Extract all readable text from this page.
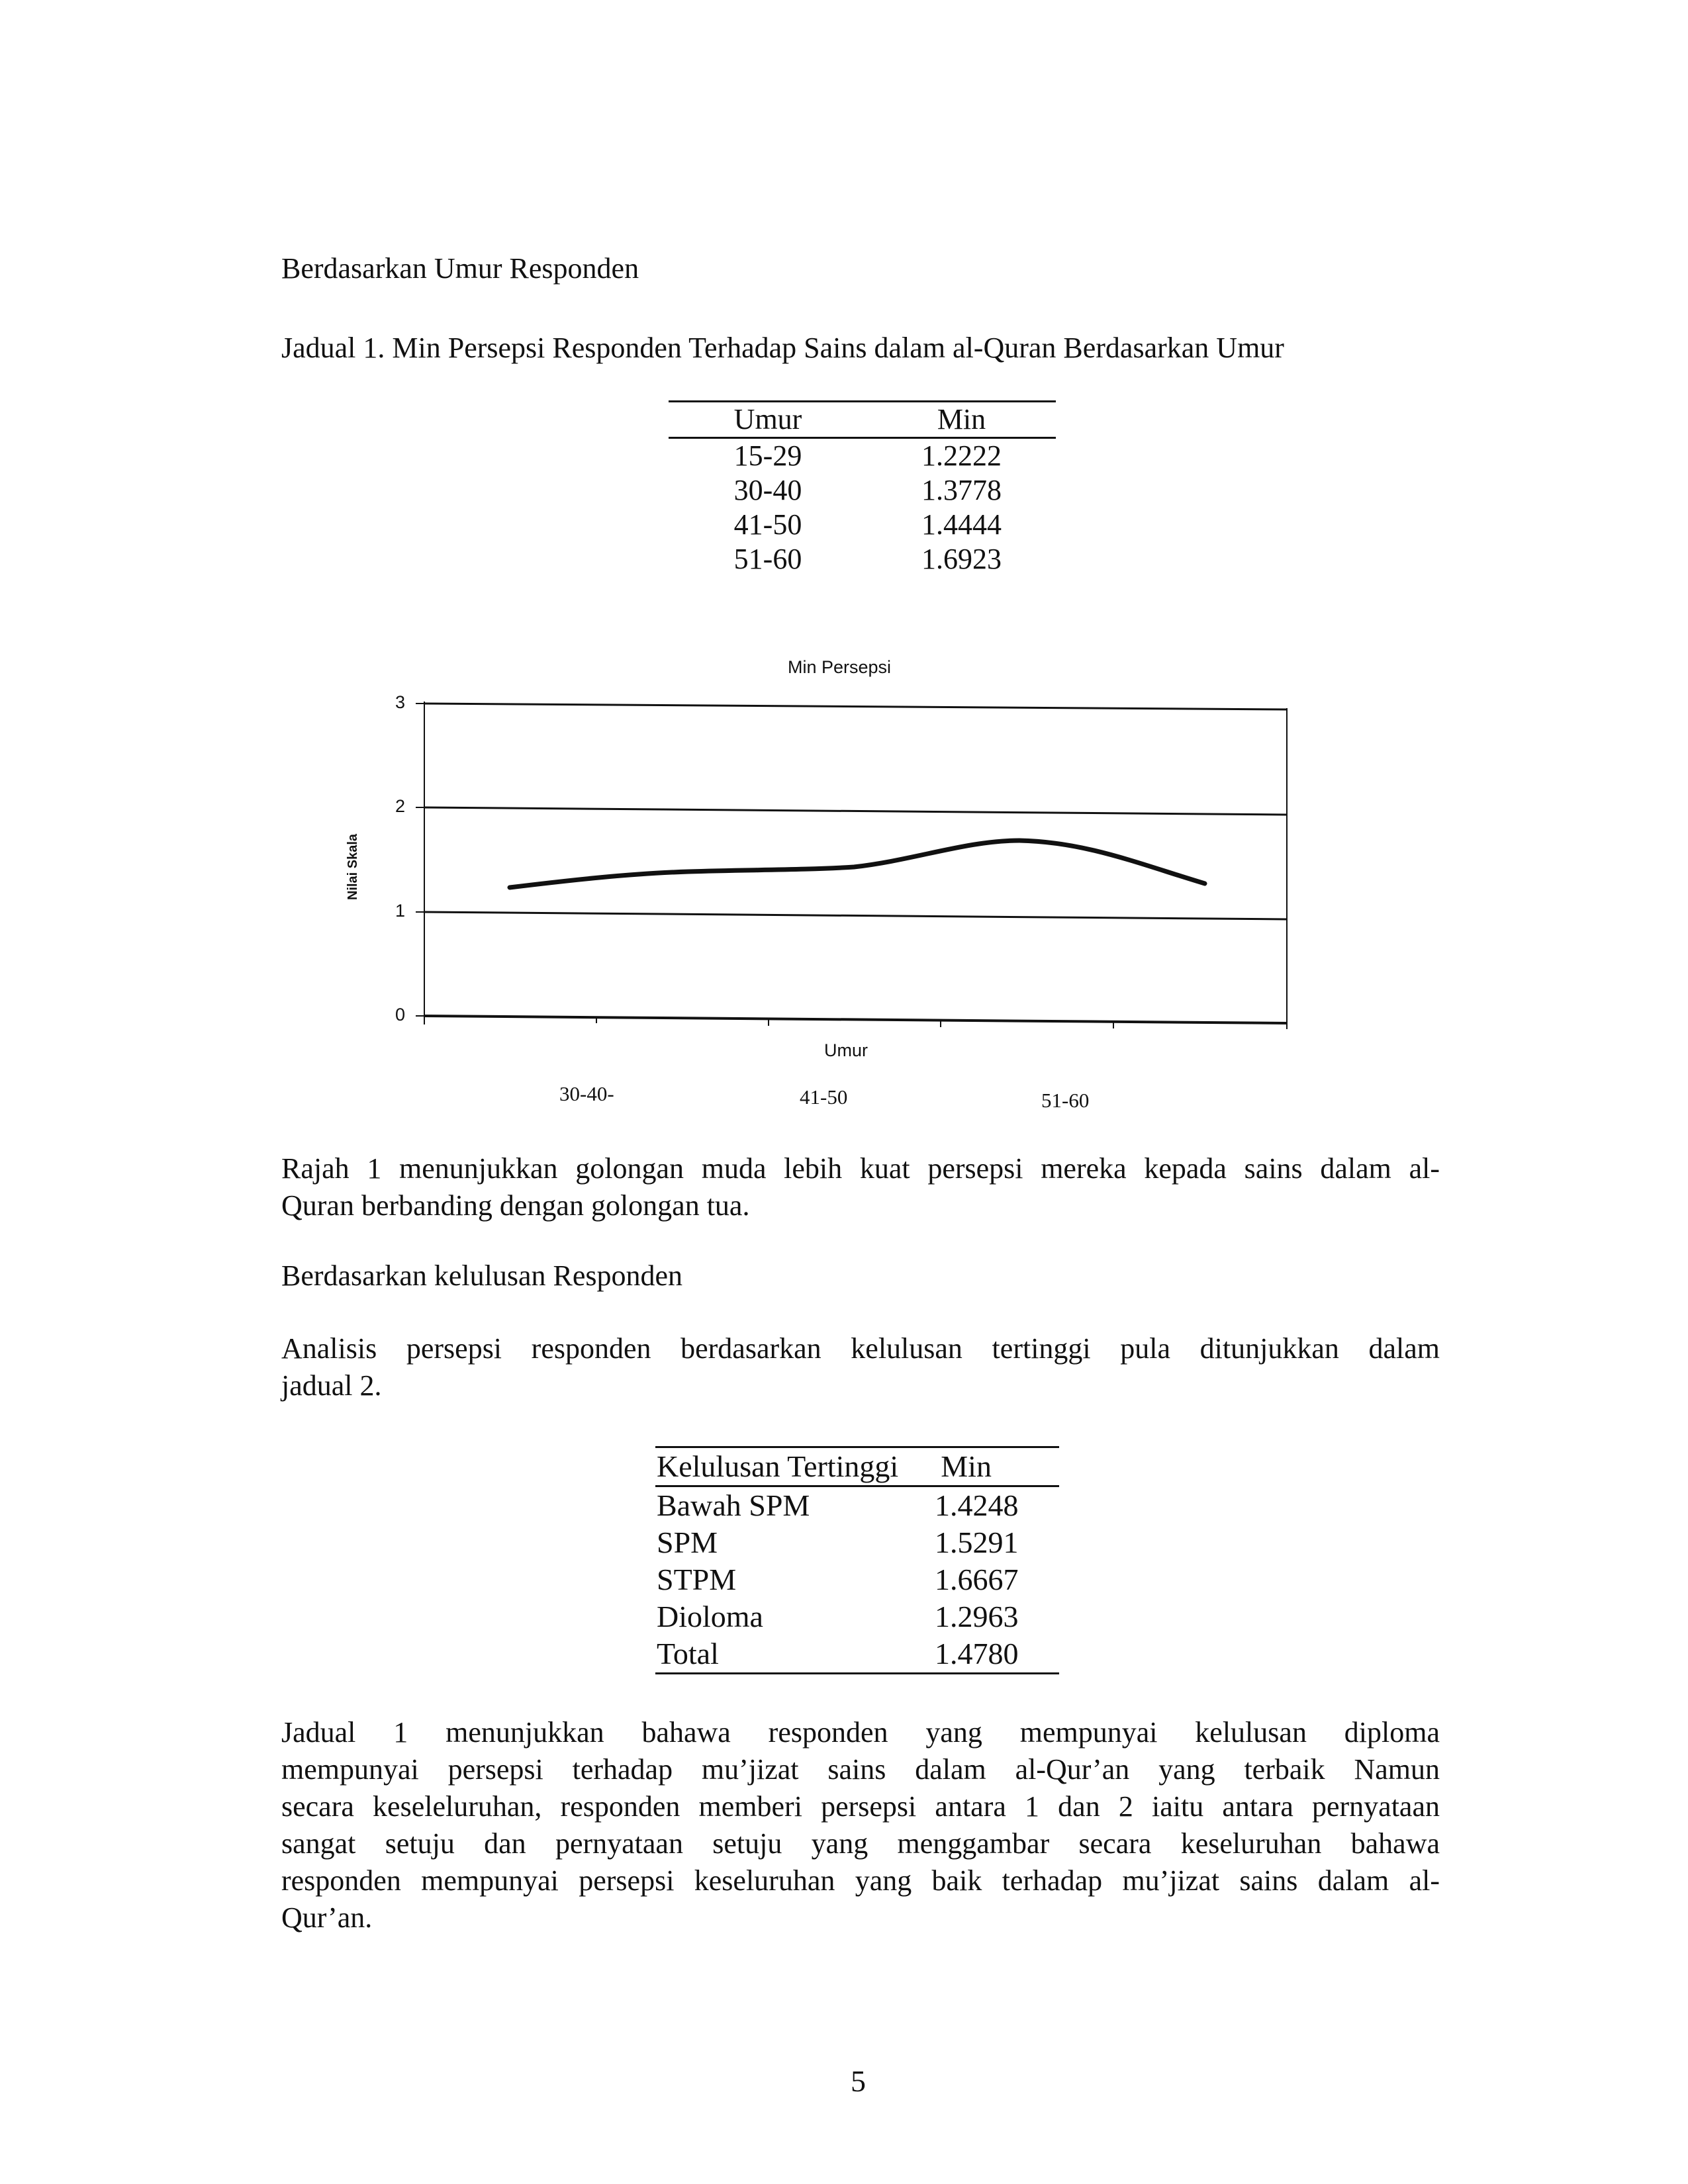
Berdasarkan Umur Responden
Jadual 1. Min Persepsi Responden Terhadap Sains dalam al-Quran Berdasarkan Umur
Umur	Min
15-29	1.2222
30-40	1.3778
41-50	1.4444
51-60	1.6923
Min Persepsi
3
2
1
0
Nilai Skala
Umur
30-40-	41-50	51-60
Rajah 1 menunjukkan golongan muda lebih kuat persepsi mereka kepada sains dalam al-
Quran berbanding dengan golongan tua.
Berdasarkan kelulusan Responden
Analisis persepsi responden berdasarkan kelulusan tertinggi pula ditunjukkan dalam
jadual 2.
Kelulusan Tertinggi	Min
Bawah SPM	1.4248
SPM	1.5291
STPM	1.6667
Dioloma	1.2963
Total	1.4780
Jadual 1 menunjukkan bahawa responden yang mempunyai kelulusan diploma
mempunyai persepsi terhadap mu’jizat sains dalam al-Qur’an yang terbaik Namun
secara keseleluruhan, responden memberi persepsi antara 1 dan 2 iaitu antara pernyataan
sangat setuju dan pernyataan setuju yang menggambar secara keseluruhan bahawa
responden mempunyai persepsi keseluruhan yang baik terhadap mu’jizat sains dalam al-
Qur’an.
5
